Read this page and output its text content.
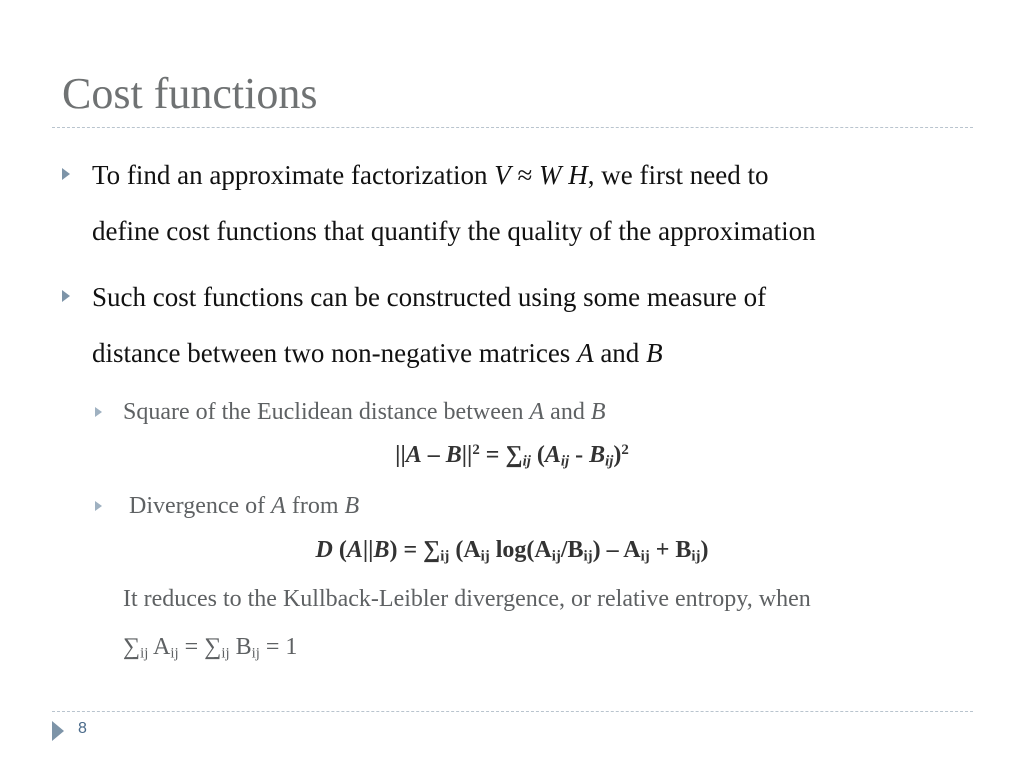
Cost functions
To find an approximate factorization V ≈ W H, we first need to
define cost functions that quantify the quality of the approximation
Such cost functions can be constructed using some measure of
distance between two non-negative matrices A and B
Square of the Euclidean distance between A and B
$||A - B||^2 = \sum_{ij}$ $(A_{ij} - B_{ij})^2$
Divergence of A from B
D $(A||B) = \sum_{ij}$ ($A_{ij}$ $\log(A_{ij}/B_{ij}) - A_{ij} + B_{ij}$)
It reduces to the Kullback-Leibler divergence, or relative entropy, when
$\sum_{ij}$ $A_{ij} = \sum_{ij}$ $B_{ij} = 1$
8
